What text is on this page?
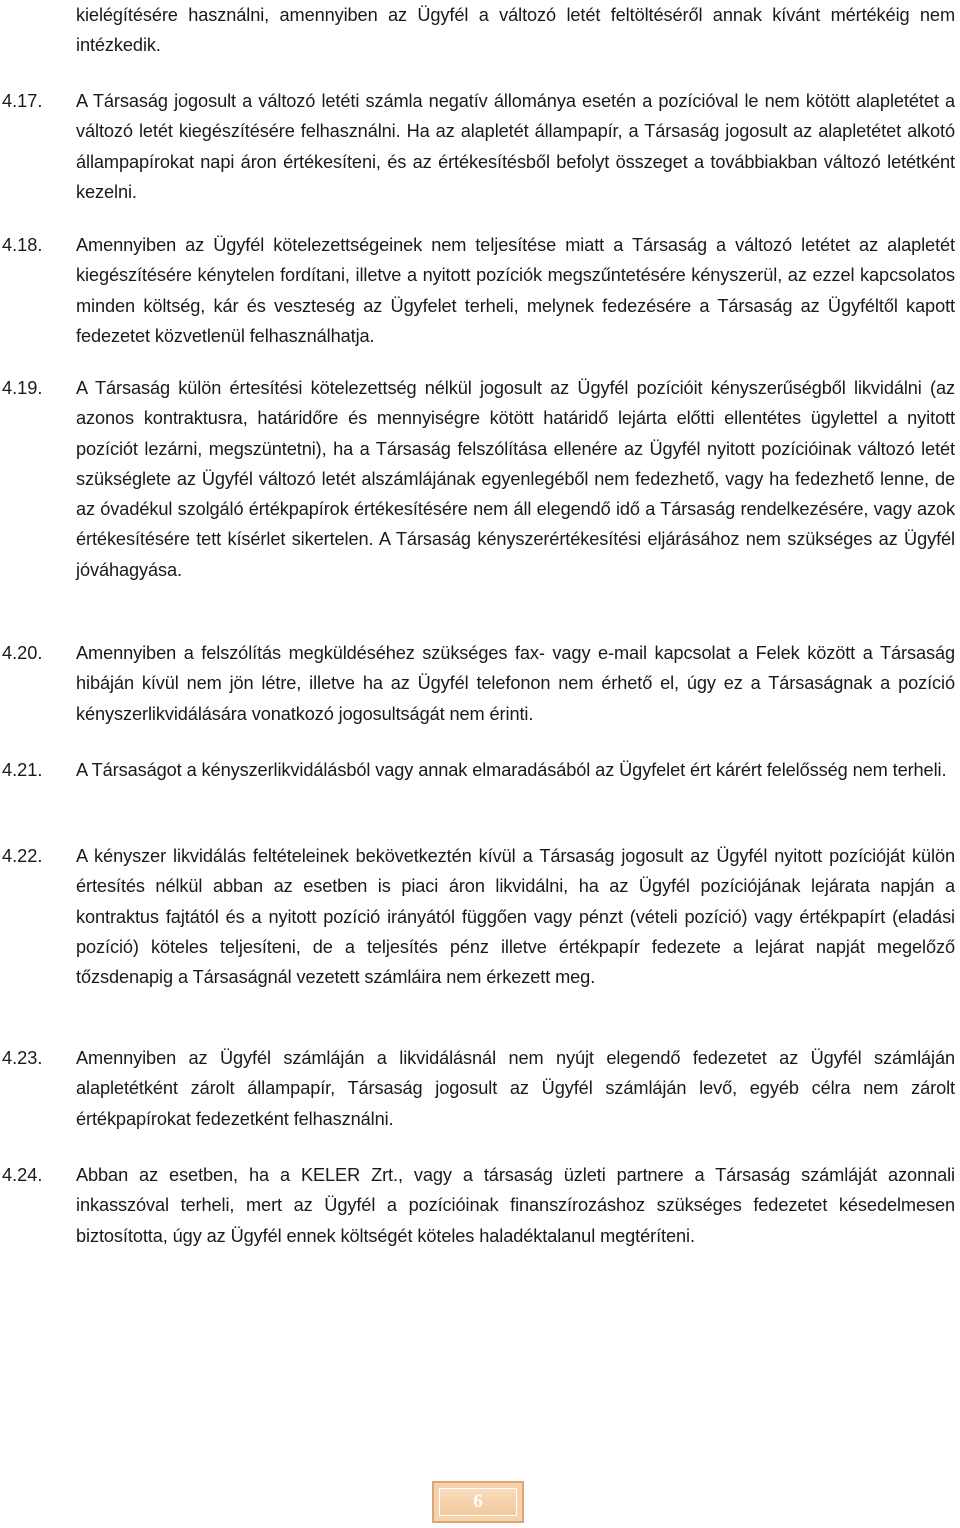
kielégítésére használni, amennyiben az Ügyfél a változó letét feltöltéséről annak kívánt mértékéig nem intézkedik.
4.17. A Társaság jogosult a változó letéti számla negatív állománya esetén a pozícióval le nem kötött alapletétet a változó letét kiegészítésére felhasználni. Ha az alapletét állampapír, a Társaság jogosult az alapletétet alkotó állampapírokat napi áron értékesíteni, és az értékesítésből befolyt összeget a továbbiakban változó letétként kezelni.
4.18. Amennyiben az Ügyfél kötelezettségeinek nem teljesítése miatt a Társaság a változó letétet az alapletét kiegészítésére kénytelen fordítani, illetve a nyitott pozíciók megszűntetésére kényszerül, az ezzel kapcsolatos minden költség, kár és veszteség az Ügyfelet terheli, melynek fedezésére a Társaság az Ügyféltől kapott fedezetet közvetlenül felhasználhatja.
4.19. A Társaság külön értesítési kötelezettség nélkül jogosult az Ügyfél pozícióit kényszerűségből likvidálni (az azonos kontraktusra, határidőre és mennyiségre kötött határidő lejárta előtti ellentétes ügylettel a nyitott pozíciót lezárni, megszüntetni), ha a Társaság felszólítása ellenére az Ügyfél nyitott pozícióinak változó letét szükséglete az Ügyfél változó letét alszámlájának egyenlegéből nem fedezhető, vagy ha fedezhető lenne, de az óvadékul szolgáló értékpapírok értékesítésére nem áll elegendő idő a Társaság rendelkezésére, vagy azok értékesítésére tett kísérlet sikertelen. A Társaság kényszerértékesítési eljárásához nem szükséges az Ügyfél jóváhagyása.
4.20. Amennyiben a felszólítás megküldéséhez szükséges fax- vagy e-mail kapcsolat a Felek között a Társaság hibáján kívül nem jön létre, illetve ha az Ügyfél telefonon nem érhető el, úgy ez a Társaságnak a pozíció kényszerlikvidálására vonatkozó jogosultságát nem érinti.
4.21. A Társaságot a kényszerlikvidálásból vagy annak elmaradásából az Ügyfelet ért kárért felelősség nem terheli.
4.22. A kényszer likvidálás feltételeinek bekövetkeztén kívül a Társaság jogosult az Ügyfél nyitott pozícióját külön értesítés nélkül abban az esetben is piaci áron likvidálni, ha az Ügyfél pozíciójának lejárata napján a kontraktus fajtától és a nyitott pozíció irányától függően vagy pénzt (vételi pozíció) vagy értékpapírt (eladási pozíció) köteles teljesíteni, de a teljesítés pénz illetve értékpapír fedezete a lejárat napját megelőző tőzsdenapig a Társaságnál vezetett számláira nem érkezett meg.
4.23. Amennyiben az Ügyfél számláján a likvidálásnál nem nyújt elegendő fedezetet az Ügyfél számláján alapletétként zárolt állampapír, Társaság jogosult az Ügyfél számláján levő, egyéb célra nem zárolt értékpapírokat fedezetként felhasználni.
4.24. Abban az esetben, ha a KELER Zrt., vagy a társaság üzleti partnere a Társaság számláját azonnali inkasszóval terheli, mert az Ügyfél a pozícióinak finanszírozáshoz szükséges fedezetet késedelmesen biztosította, úgy az Ügyfél ennek költségét köteles haladéktalanul megtéríteni.
6
